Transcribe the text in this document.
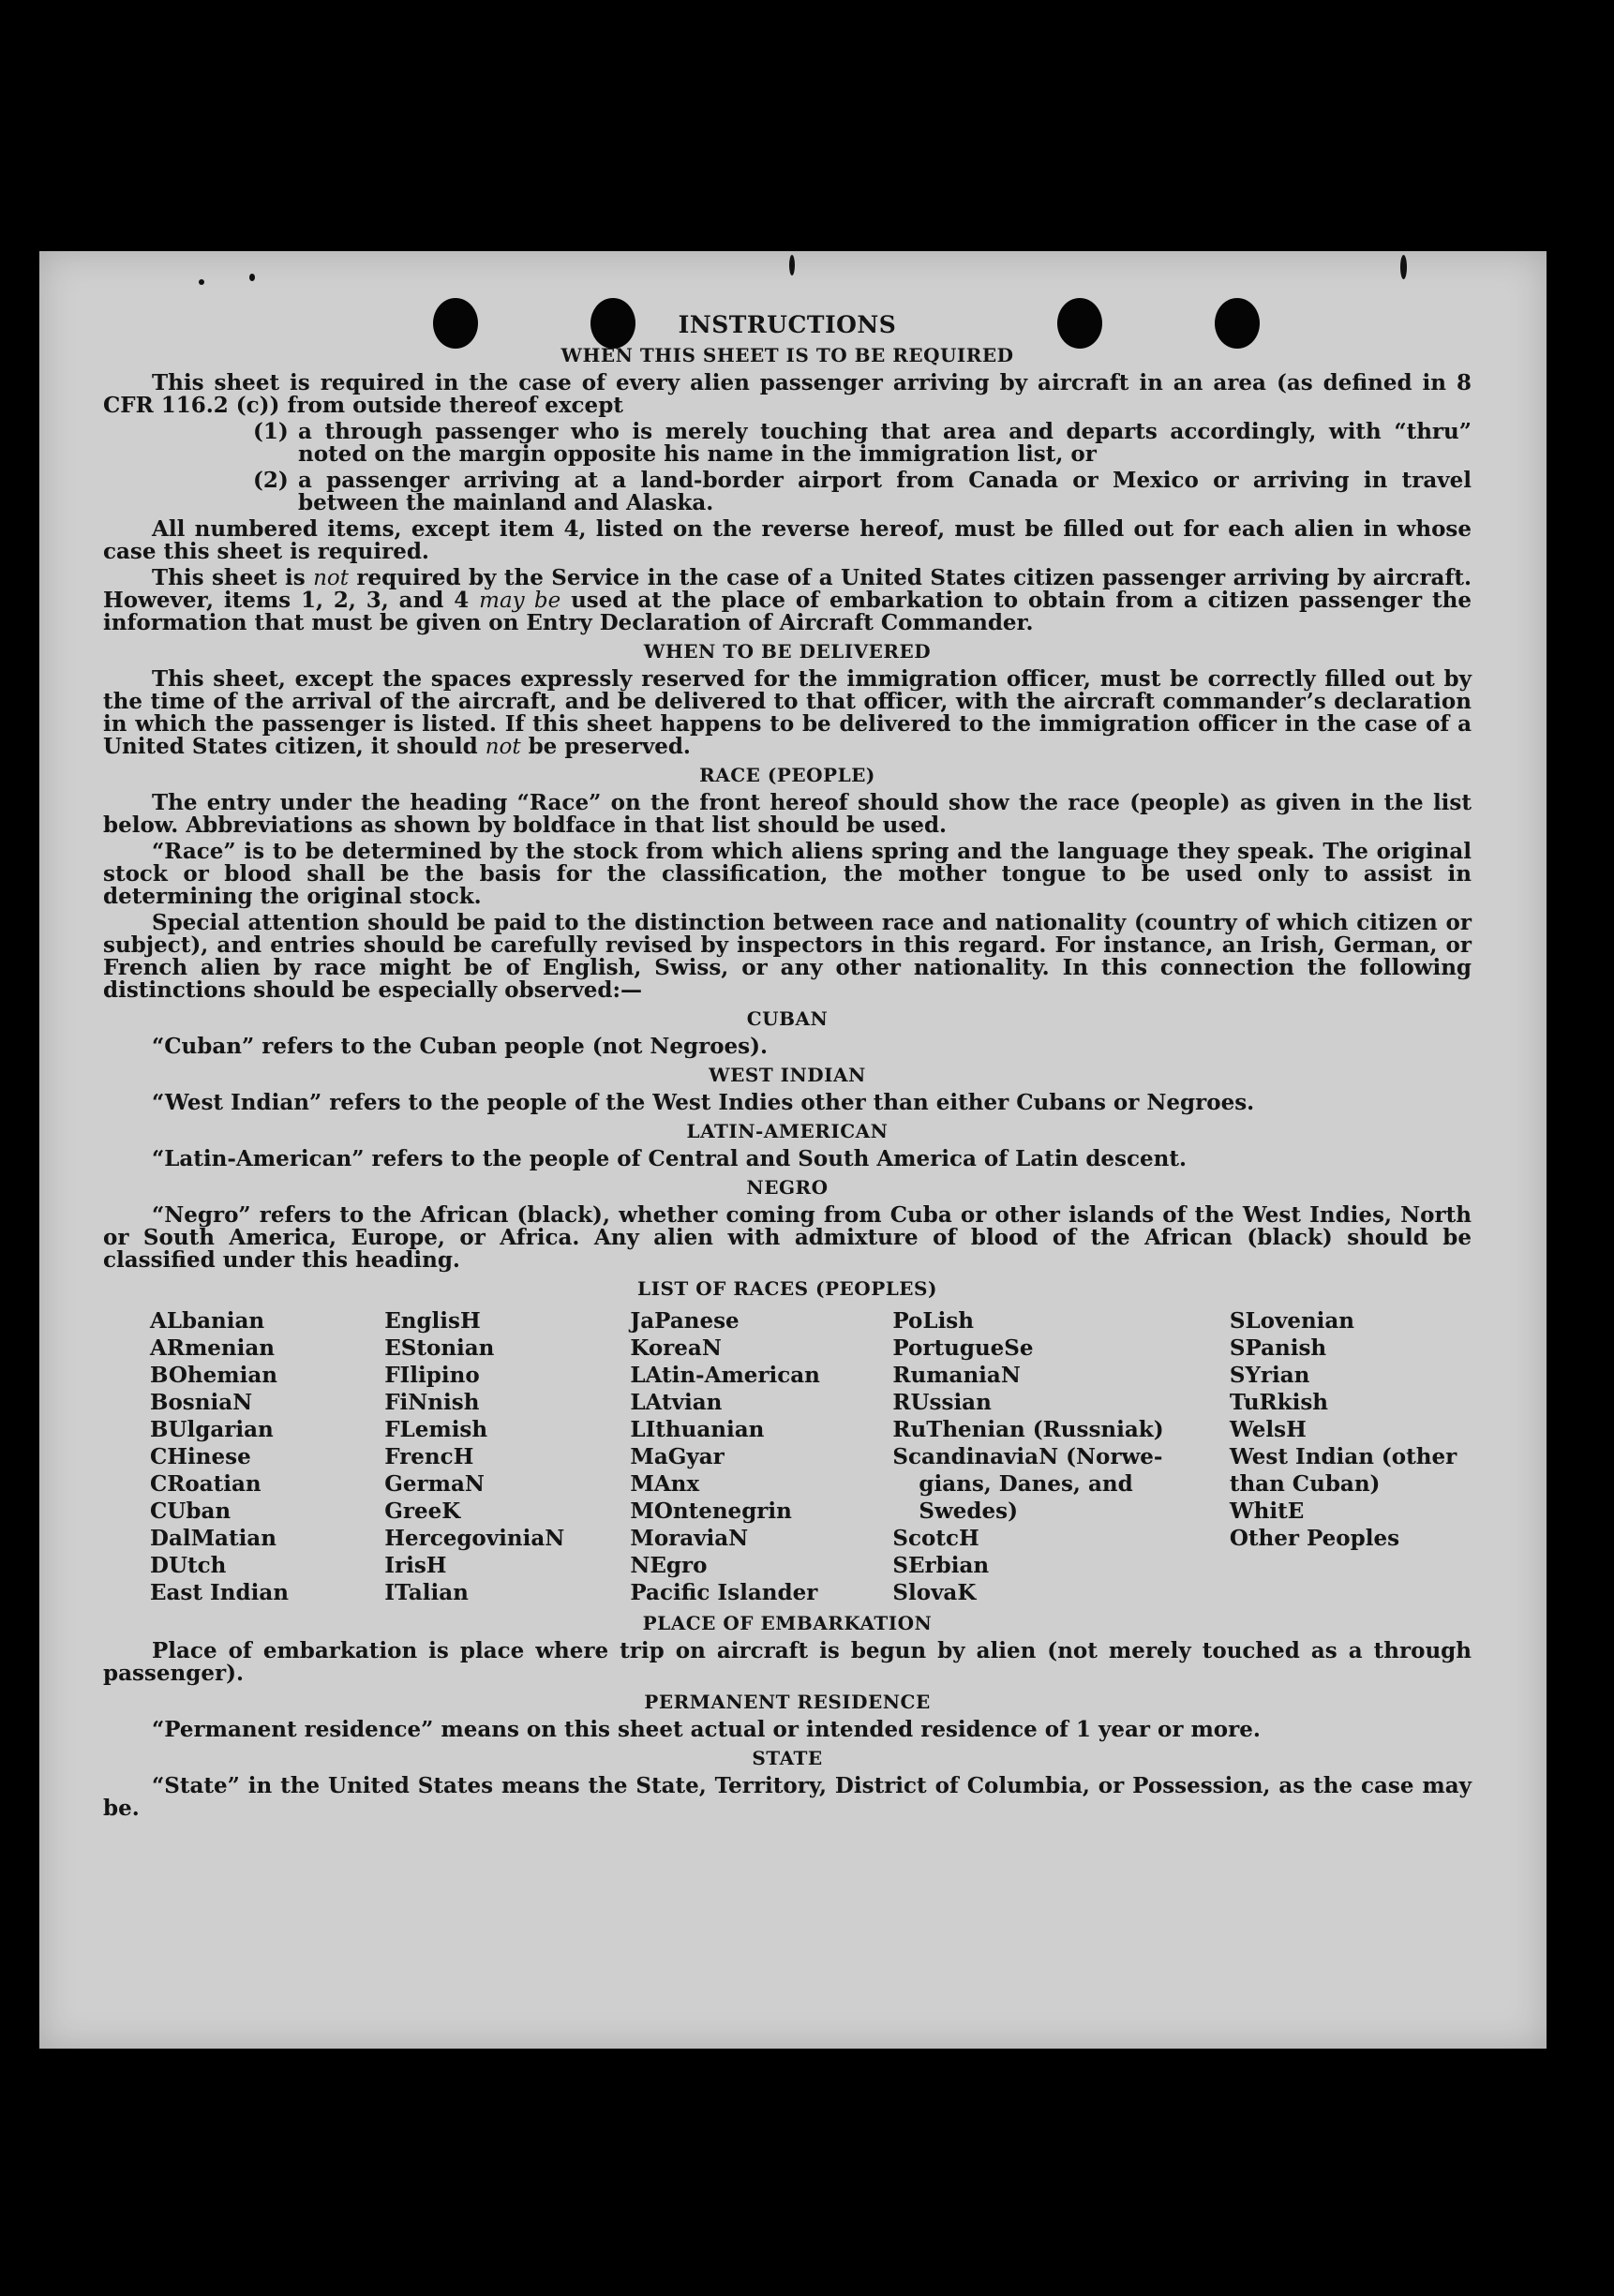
INSTRUCTIONS
WHEN THIS SHEET IS TO BE REQUIRED
This sheet is required in the case of every alien passenger arriving by aircraft in an area (as defined in 8 CFR 116.2 (c)) from outside thereof except
(1) a through passenger who is merely touching that area and departs accordingly, with “thru” noted on the margin opposite his name in the immigration list, or
(2) a passenger arriving at a land-border airport from Canada or Mexico or arriving in travel between the mainland and Alaska.
All numbered items, except item 4, listed on the reverse hereof, must be filled out for each alien in whose case this sheet is required.
This sheet is not required by the Service in the case of a United States citizen passenger arriving by aircraft. However, items 1, 2, 3, and 4 may be used at the place of embarkation to obtain from a citizen passenger the information that must be given on Entry Declaration of Aircraft Commander.
WHEN TO BE DELIVERED
This sheet, except the spaces expressly reserved for the immigration officer, must be correctly filled out by the time of the arrival of the aircraft, and be delivered to that officer, with the aircraft commander’s declaration in which the passenger is listed. If this sheet happens to be delivered to the immigration officer in the case of a United States citizen, it should not be preserved.
RACE (PEOPLE)
The entry under the heading “Race” on the front hereof should show the race (people) as given in the list below. Abbreviations as shown by boldface in that list should be used.
“Race” is to be determined by the stock from which aliens spring and the language they speak. The original stock or blood shall be the basis for the classification, the mother tongue to be used only to assist in determining the original stock.
Special attention should be paid to the distinction between race and nationality (country of which citizen or subject), and entries should be carefully revised by inspectors in this regard. For instance, an Irish, German, or French alien by race might be of English, Swiss, or any other nationality. In this connection the following distinctions should be especially observed:—
CUBAN
“Cuban” refers to the Cuban people (not Negroes).
WEST INDIAN
“West Indian” refers to the people of the West Indies other than either Cubans or Negroes.
LATIN-AMERICAN
“Latin-American” refers to the people of Central and South America of Latin descent.
NEGRO
“Negro” refers to the African (black), whether coming from Cuba or other islands of the West Indies, North or South America, Europe, or Africa. Any alien with admixture of blood of the African (black) should be classified under this heading.
LIST OF RACES (PEOPLES)
ALbanian
ARmenian
BOhemian
BosniaN
BUlgarian
CHinese
CRoatian
CUban
DalMatian
DUtch
East Indian
EnglisH
EStonian
FIlipino
FiNnish
FLemish
FrencH
GermaN
GreeK
HercegoviniaN
IrisH
ITalian
JaPanese
KoreaN
LAtin-American
LAtvian
LIthuanian
MaGyar
MAnx
MOntenegrin
MoraviaN
NEgro
Pacific Islander
PoLish
PortugueSe
RumaniaN
RUssian
RuThenian (Russniak)
ScandinaviaN (Norwe-
gians, Danes, and
Swedes)
ScotcH
SErbian
SlovaK
SLovenian
SPanish
SYrian
TuRkish
WelsH
West Indian (other
than Cuban)
WhitE
Other Peoples
PLACE OF EMBARKATION
Place of embarkation is place where trip on aircraft is begun by alien (not merely touched as a through passenger).
PERMANENT RESIDENCE
“Permanent residence” means on this sheet actual or intended residence of 1 year or more.
STATE
“State” in the United States means the State, Territory, District of Columbia, or Possession, as the case may be.
